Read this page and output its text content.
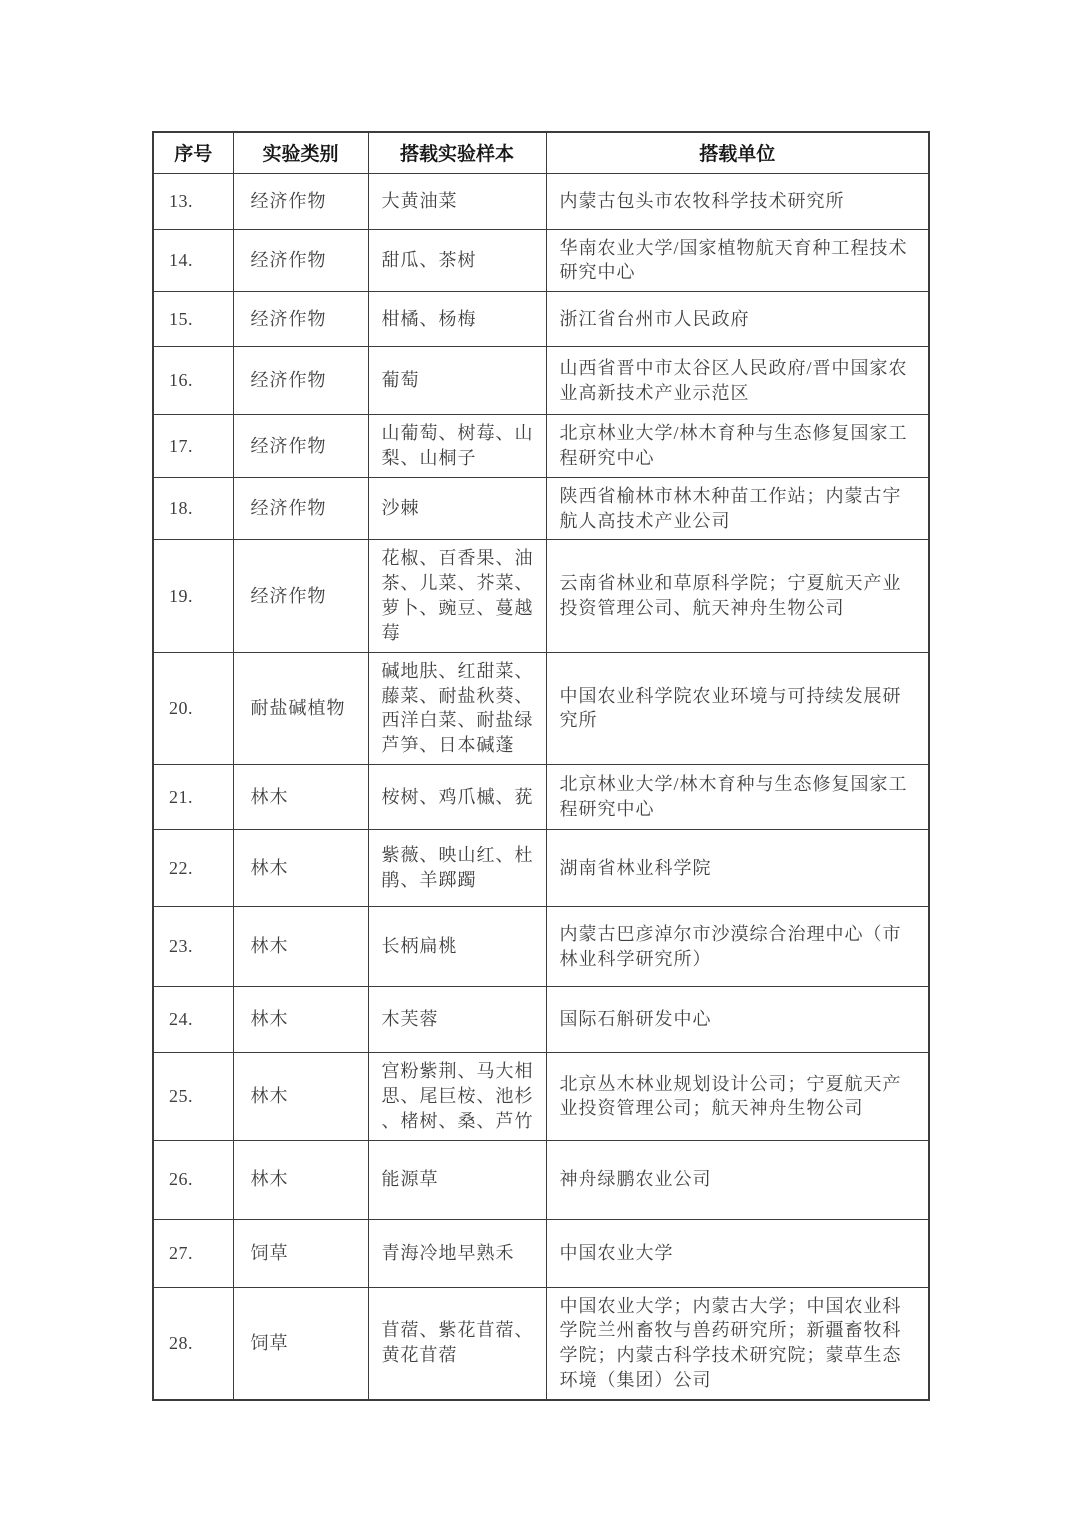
序号	实验类别	搭载实验样本	搭载单位
13.	经济作物	大黄油菜	内蒙古包头市农牧科学技术研究所
14.	经济作物	甜瓜、茶树	华南农业大学/国家植物航天育种工程技术研究中心
15.	经济作物	柑橘、杨梅	浙江省台州市人民政府
16.	经济作物	葡萄	山西省晋中市太谷区人民政府/晋中国家农业高新技术产业示范区
17.	经济作物	山葡萄、树莓、山梨、山桐子	北京林业大学/林木育种与生态修复国家工程研究中心
18.	经济作物	沙棘	陕西省榆林市林木种苗工作站；内蒙古宇航人高技术产业公司
19.	经济作物	花椒、百香果、油茶、儿菜、芥菜、萝卜、豌豆、蔓越莓	云南省林业和草原科学院；宁夏航天产业投资管理公司、航天神舟生物公司
20.	耐盐碱植物	碱地肤、红甜菜、藤菜、耐盐秋葵、西洋白菜、耐盐绿芦笋、日本碱蓬	中国农业科学院农业环境与可持续发展研究所
21.	林木	桉树、鸡爪槭、莸	北京林业大学/林木育种与生态修复国家工程研究中心
22.	林木	紫薇、映山红、杜鹃、羊踯躅	湖南省林业科学院
23.	林木	长柄扁桃	内蒙古巴彦淖尔市沙漠综合治理中心（市林业科学研究所）
24.	林木	木芙蓉	国际石斛研发中心
25.	林木	宫粉紫荆、马大相思、尾巨桉、池杉、楮树、桑、芦竹	北京丛木林业规划设计公司；宁夏航天产业投资管理公司；航天神舟生物公司
26.	林木	能源草	神舟绿鹏农业公司
27.	饲草	青海冷地早熟禾	中国农业大学
28.	饲草	苜蓿、紫花苜蓿、黄花苜蓿	中国农业大学；内蒙古大学；中国农业科学院兰州畜牧与兽药研究所；新疆畜牧科学院；内蒙古科学技术研究院；蒙草生态环境（集团）公司
